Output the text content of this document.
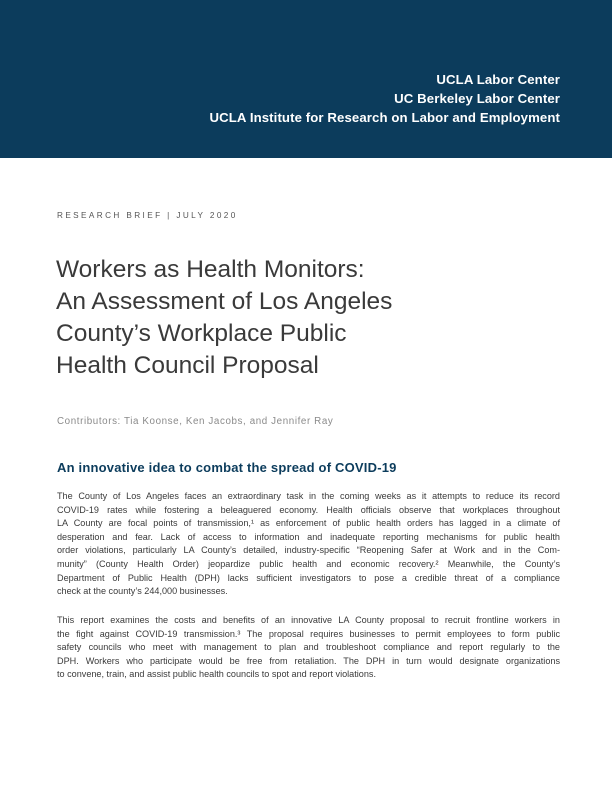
UCLA Labor Center
UC Berkeley Labor Center
UCLA Institute for Research on Labor and Employment
RESEARCH BRIEF | JULY 2020
Workers as Health Monitors:
An Assessment of Los Angeles
County’s Workplace Public
Health Council Proposal
Contributors: Tia Koonse, Ken Jacobs, and Jennifer Ray
An innovative idea to combat the spread of COVID-19
The County of Los Angeles faces an extraordinary task in the coming weeks as it attempts to reduce its record
COVID-19 rates while fostering a beleaguered economy. Health officials observe that workplaces throughout
LA County are focal points of transmission,¹ as enforcement of public health orders has lagged in a climate of
desperation and fear. Lack of access to information and inadequate reporting mechanisms for public health
order violations, particularly LA County’s detailed, industry-specific “Reopening Safer at Work and in the Com-
munity” (County Health Order) jeopardize public health and economic recovery.² Meanwhile, the County’s
Department of Public Health (DPH) lacks sufficient investigators to pose a credible threat of a compliance
check at the county’s 244,000 businesses.
This report examines the costs and benefits of an innovative LA County proposal to recruit frontline workers in
the fight against COVID-19 transmission.³ The proposal requires businesses to permit employees to form public
safety councils who meet with management to plan and troubleshoot compliance and report regularly to the
DPH. Workers who participate would be free from retaliation. The DPH in turn would designate organizations
to convene, train, and assist public health councils to spot and report violations.
